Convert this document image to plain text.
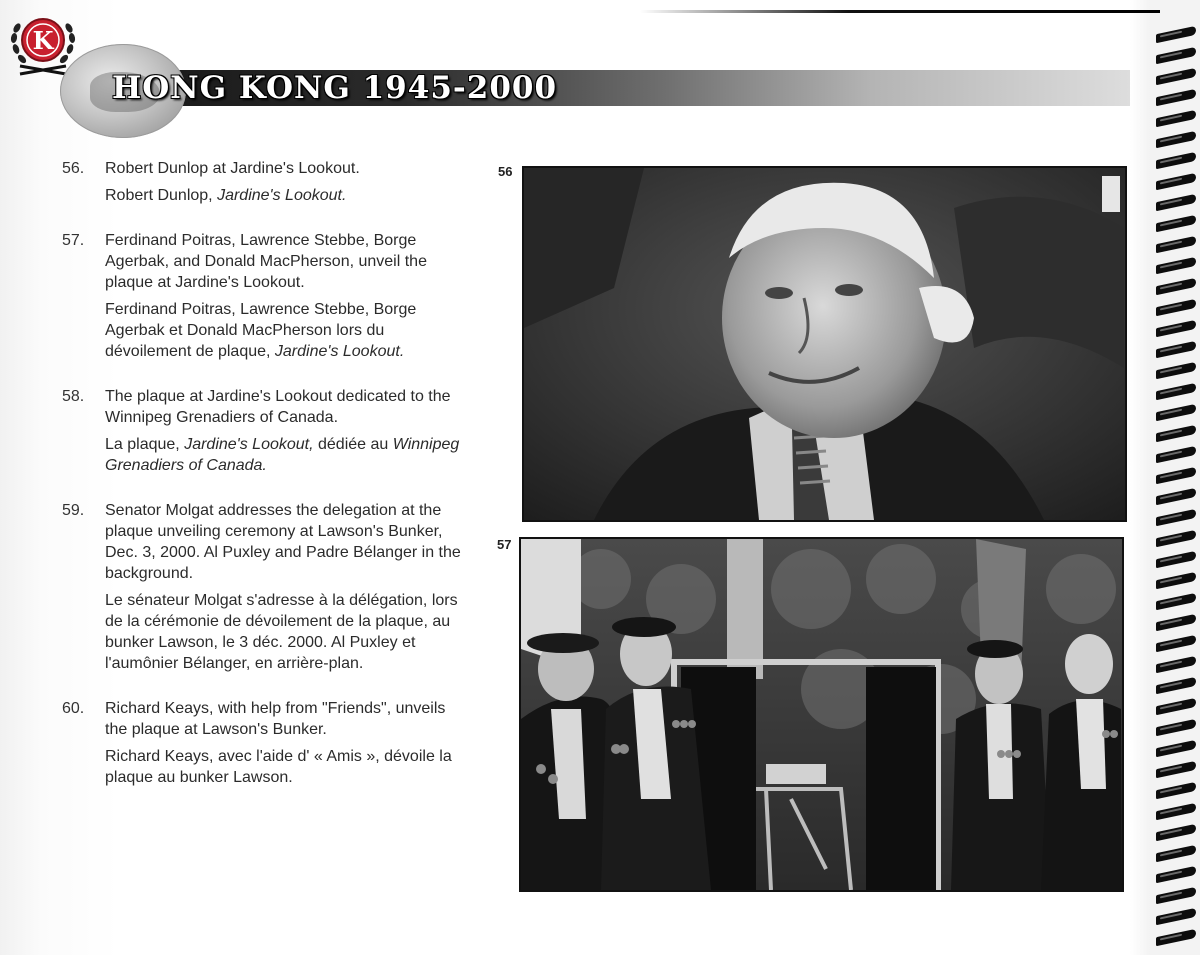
K
HONG KONG 1945-2000
56.	Robert Dunlop at Jardine's Lookout.
Robert Dunlop, Jardine's Lookout.
57.	Ferdinand Poitras, Lawrence Stebbe, Borge Agerbak, and Donald MacPherson, unveil the plaque at Jardine's Lookout.
Ferdinand Poitras, Lawrence Stebbe, Borge Agerbak et Donald MacPherson lors du dévoilement de plaque, Jardine's Lookout.
58.	The plaque at Jardine's Lookout dedicated to the Winnipeg Grenadiers of Canada.
La plaque, Jardine's Lookout, dédiée au Winnipeg Grenadiers of Canada.
59.	Senator Molgat addresses the delegation at the plaque unveiling ceremony at Lawson's Bunker, Dec. 3, 2000. Al Puxley and Padre Bélanger in the background.
Le sénateur Molgat s'adresse à la délégation, lors de la cérémonie de dévoilement de la plaque, au bunker Lawson, le 3 déc. 2000. Al Puxley et l'aumônier Bélanger, en arrière-plan.
60.	Richard Keays, with help from "Friends", unveils the plaque at Lawson's Bunker.
Richard Keays, avec l'aide d' « Amis », dévoile la plaque au bunker Lawson.
56
57
